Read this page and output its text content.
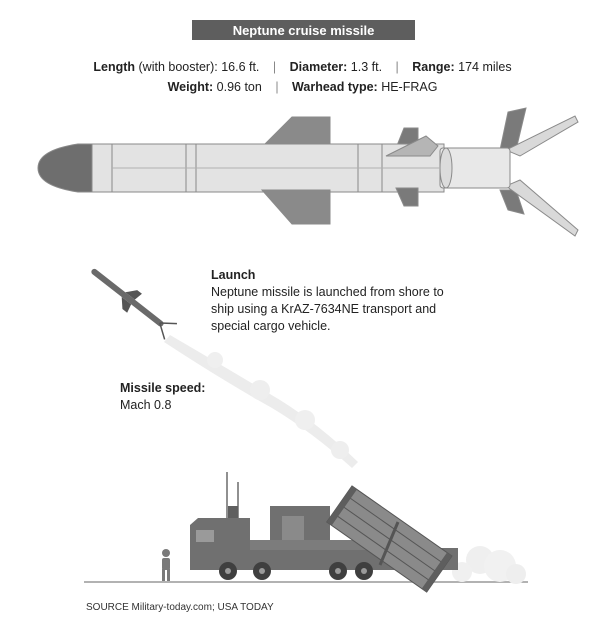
Neptune cruise missile
Length (with booster): 16.6 ft. | Diameter: 1.3 ft. | Range: 174 miles
Weight: 0.96 ton | Warhead type: HE-FRAG
Launch
Neptune missile is launched from shore to ship using a KrAZ-7634NE transport and special cargo vehicle.
Missile speed:
Mach 0.8
SOURCE Military-today.com; USA TODAY
